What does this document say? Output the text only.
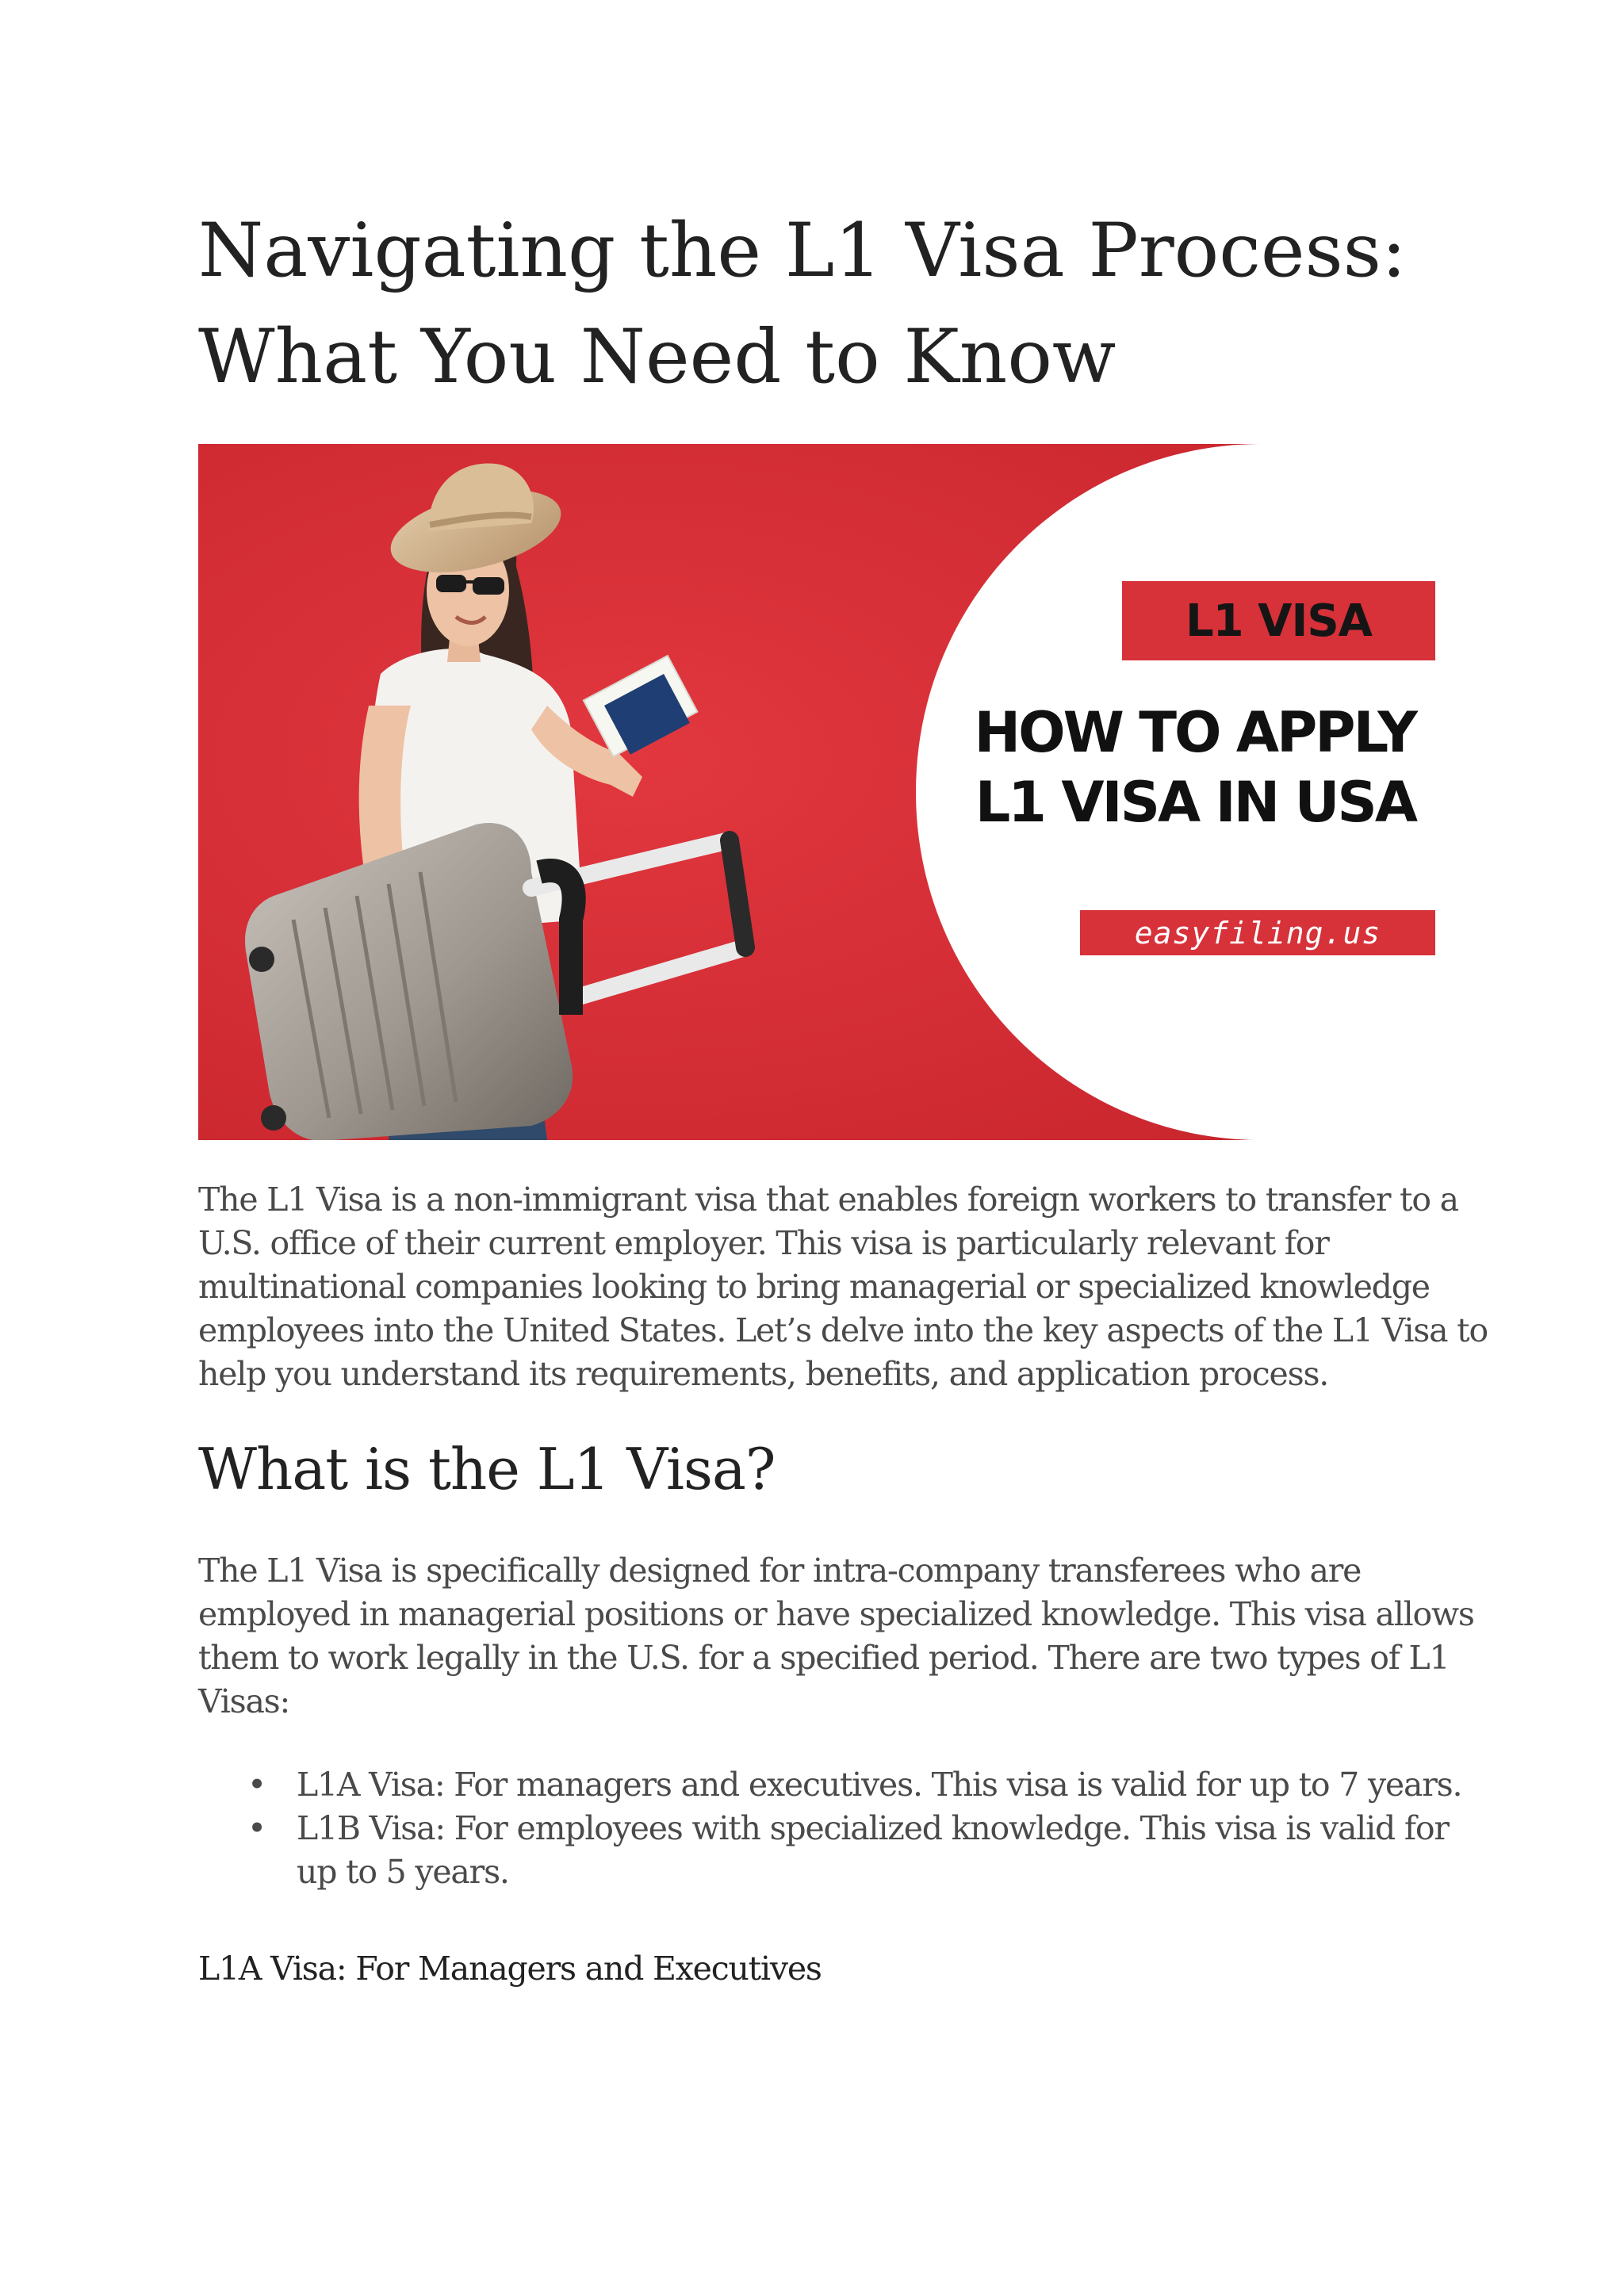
Navigating the L1 Visa Process:
What You Need to Know
L1 VISA
HOW TO APPLY
L1 VISA IN USA
easyfiling.us

The L1 Visa is a non-immigrant visa that enables foreign workers to transfer to a
U.S. office of their current employer. This visa is particularly relevant for
multinational companies looking to bring managerial or specialized knowledge
employees into the United States. Let’s delve into the key aspects of the L1 Visa to
help you understand its requirements, benefits, and application process.

What is the L1 Visa?

The L1 Visa is specifically designed for intra-company transferees who are
employed in managerial positions or have specialized knowledge. This visa allows
them to work legally in the U.S. for a specified period. There are two types of L1
Visas:

• L1A Visa: For managers and executives. This visa is valid for up to 7 years.
• L1B Visa: For employees with specialized knowledge. This visa is valid for
up to 5 years.
L1A Visa: For Managers and Executives
